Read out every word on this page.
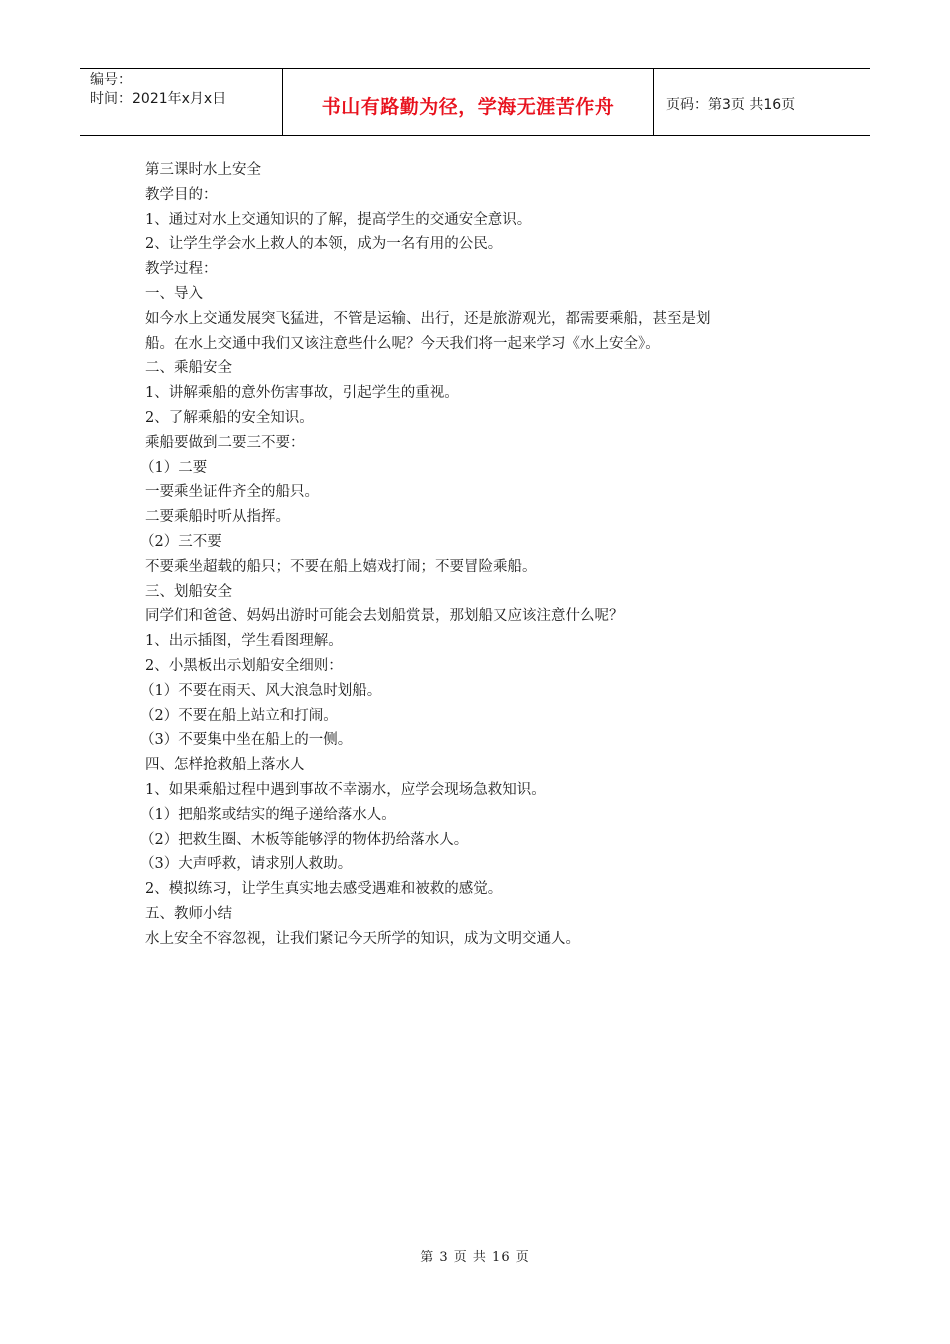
编号：
时间：2021年x月x日	书山有路勤为径，学海无涯苦作舟	页码：第3页 共16页
第三课时水上安全
教学目的：
1、通过对水上交通知识的了解，提高学生的交通安全意识。
2、让学生学会水上救人的本领，成为一名有用的公民。
教学过程：
一、导入
如今水上交通发展突飞猛进，不管是运输、出行，还是旅游观光，都需要乘船，甚至是划
船。在水上交通中我们又该注意些什么呢？今天我们将一起来学习《水上安全》。
二、乘船安全
1、讲解乘船的意外伤害事故，引起学生的重视。
2、了解乘船的安全知识。
乘船要做到二要三不要：
（1）二要
一要乘坐证件齐全的船只。
二要乘船时听从指挥。
（2）三不要
不要乘坐超载的船只；不要在船上嬉戏打闹；不要冒险乘船。
三、划船安全
同学们和爸爸、妈妈出游时可能会去划船赏景，那划船又应该注意什么呢？
1、出示插图，学生看图理解。
2、小黑板出示划船安全细则：
（1）不要在雨天、风大浪急时划船。
（2）不要在船上站立和打闹。
（3）不要集中坐在船上的一侧。
四、怎样抢救船上落水人
1、如果乘船过程中遇到事故不幸溺水，应学会现场急救知识。
（1）把船浆或结实的绳子递给落水人。
（2）把救生圈、木板等能够浮的物体扔给落水人。
（3）大声呼救，请求别人救助。
2、模拟练习，让学生真实地去感受遇难和被救的感觉。
五、教师小结
水上安全不容忽视，让我们紧记今天所学的知识，成为文明交通人。
第 3 页 共 16 页
